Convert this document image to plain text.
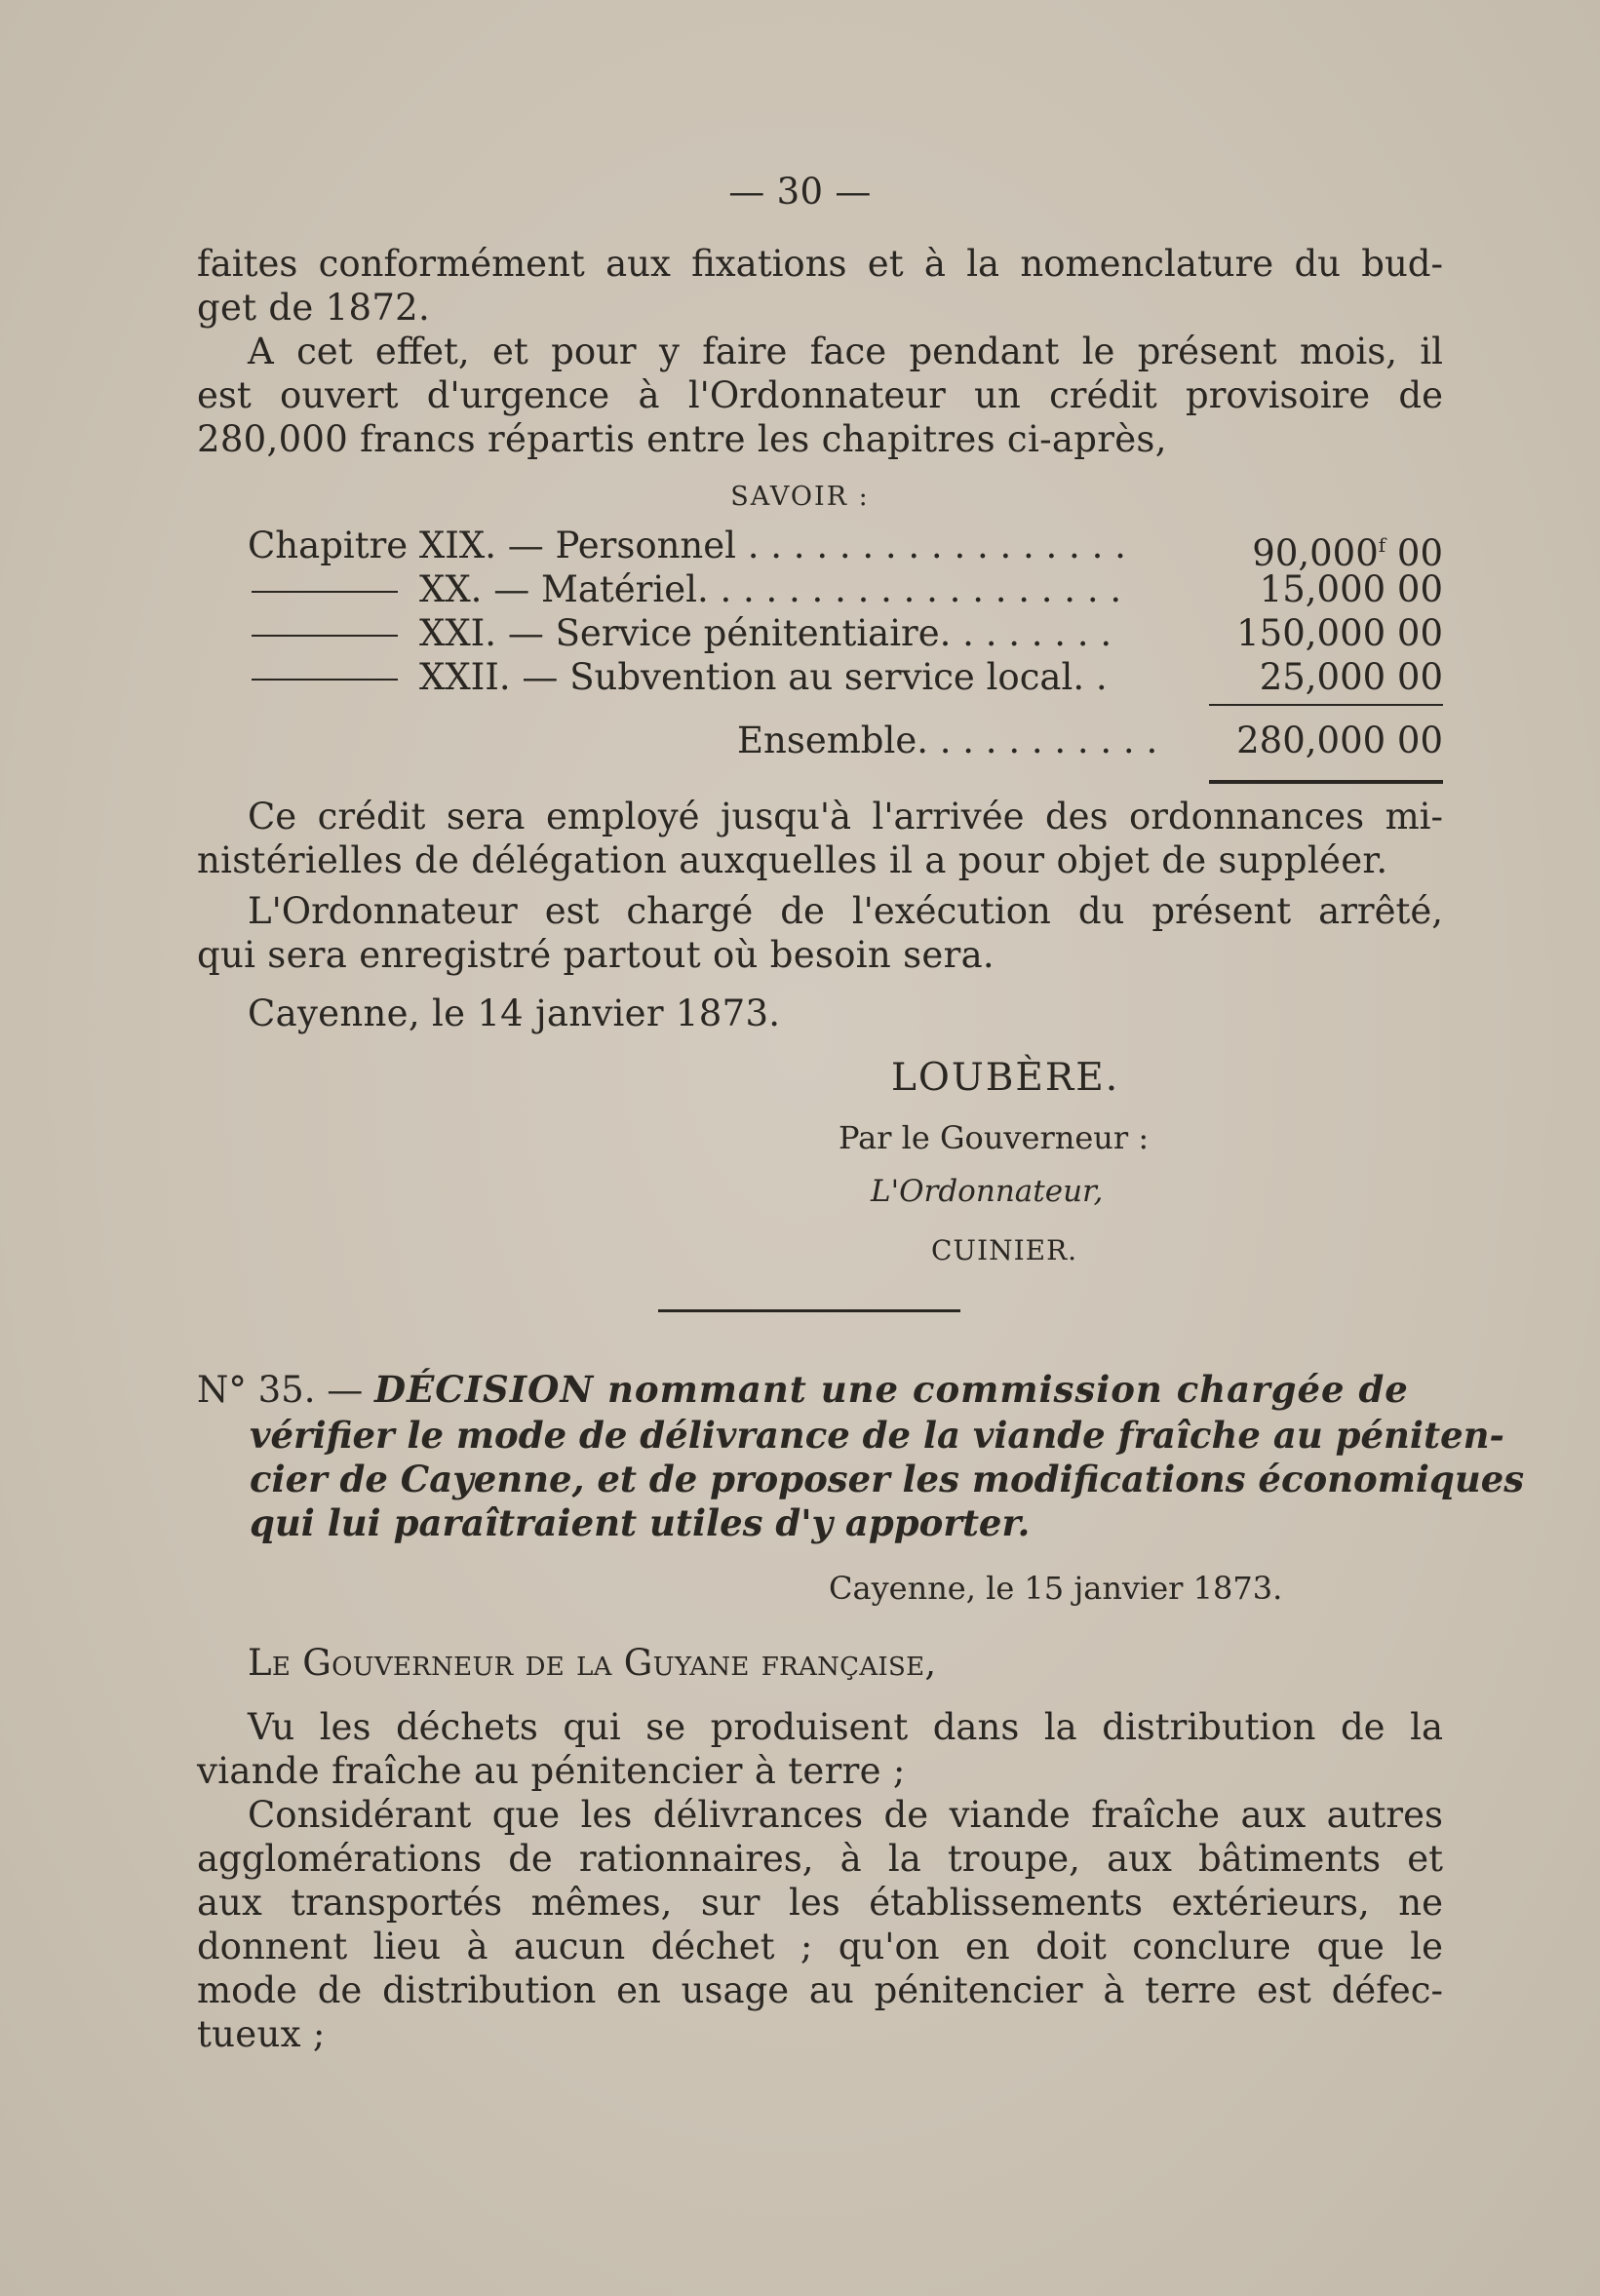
— 30 —
faites conformément aux fixations et à la nomenclature du bud-
get de 1872.
A cet effet, et pour y faire face pendant le présent mois, il
est ouvert d'urgence à l'Ordonnateur un crédit provisoire de
280,000 francs répartis entre les chapitres ci-après,
SAVOIR :
Chapitre XIX. — Personnel . . . . . . . . . . . . . . . . .	90,000$^f$ 00
XX. — Matériel. . . . . . . . . . . . . . . . . . .	15,000 00
XXI. — Service pénitentiaire. . . . . . . .	150,000 00
XXII. — Subvention au service local. .	25,000 00
Ensemble. . . . . . . . . . . 280,000 00
Ce crédit sera employé jusqu'à l'arrivée des ordonnances mi-
nistérielles de délégation auxquelles il a pour objet de suppléer.
L'Ordonnateur est chargé de l'exécution du présent arrêté,
qui sera enregistré partout où besoin sera.
Cayenne, le 14 janvier 1873.
LOUBÈRE.
Par le Gouverneur :
L'Ordonnateur,
CUINIER.
N° 35. — DÉCISION nommant une commission chargée de
vérifier le mode de délivrance de la viande fraîche au péniten-
cier de Cayenne, et de proposer les modifications économiques
qui lui paraîtraient utiles d'y apporter.
Cayenne, le 15 janvier 1873.
Le Gouverneur de la Guyane française,
Vu les déchets qui se produisent dans la distribution de la
viande fraîche au pénitencier à terre ;
Considérant que les délivrances de viande fraîche aux autres
agglomérations de rationnaires, à la troupe, aux bâtiments et
aux transportés mêmes, sur les établissements extérieurs, ne
donnent lieu à aucun déchet ; qu'on en doit conclure que le
mode de distribution en usage au pénitencier à terre est défec-
tueux ;
